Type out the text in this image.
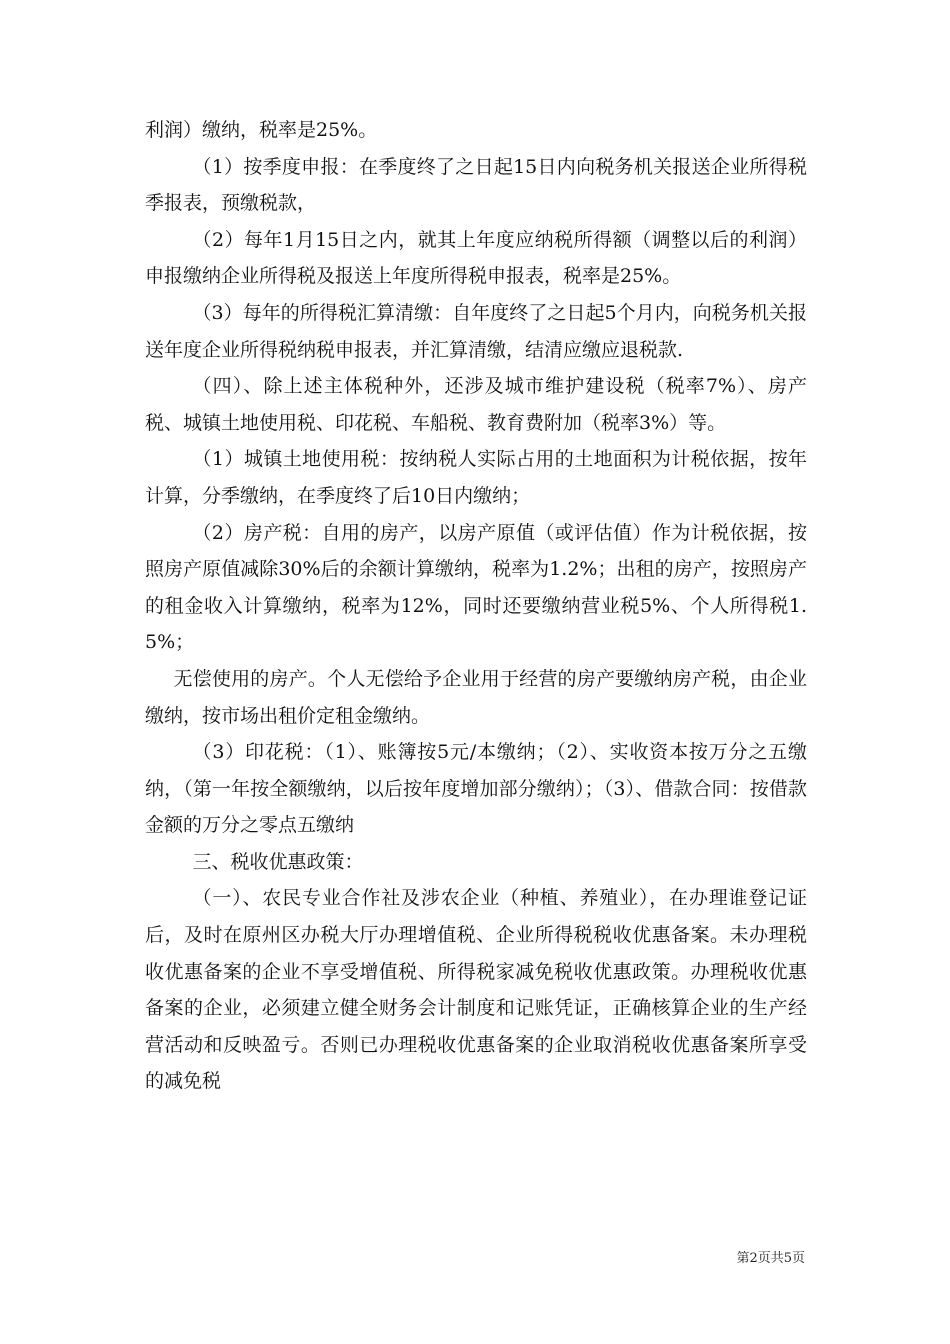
利润）缴纳，税率是25%。

（1）按季度申报：在季度终了之日起15日内向税务机关报送企业所得税季报表，预缴税款，

（2）每年1月15日之内，就其上年度应纳税所得额（调整以后的利润）申报缴纳企业所得税及报送上年度所得税申报表，税率是25%。

（3）每年的所得税汇算清缴：自年度终了之日起5个月内，向税务机关报送年度企业所得税纳税申报表，并汇算清缴，结清应缴应退税款.

（四）、除上述主体税种外，还涉及城市维护建设税（税率7%）、房产税、城镇土地使用税、印花税、车船税、教育费附加（税率3%）等。

（1）城镇土地使用税：按纳税人实际占用的土地面积为计税依据，按年计算，分季缴纳，在季度终了后10日内缴纳；

（2）房产税：自用的房产，以房产原值（或评估值）作为计税依据，按照房产原值减除30%后的余额计算缴纳，税率为1.2%；出租的房产，按照房产的租金收入计算缴纳，税率为12%，同时还要缴纳营业税5%、个人所得税1.5%；

无偿使用的房产。个人无偿给予企业用于经营的房产要缴纳房产税，由企业缴纳，按市场出租价定租金缴纳。

（3）印花税：（1）、账簿按5元/本缴纳；（2）、实收资本按万分之五缴纳，（第一年按全额缴纳，以后按年度增加部分缴纳）；（3）、借款合同：按借款金额的万分之零点五缴纳

三、税收优惠政策：

（一）、农民专业合作社及涉农企业（种植、养殖业），在办理谁登记证后，及时在原州区办税大厅办理增值税、企业所得税税收优惠备案。未办理税收优惠备案的企业不享受增值税、所得税家减免税收优惠政策。办理税收优惠备案的企业，必须建立健全财务会计制度和记账凭证，正确核算企业的生产经营活动和反映盈亏。否则已办理税收优惠备案的企业取消税收优惠备案所享受的减免税

第2页共5页
